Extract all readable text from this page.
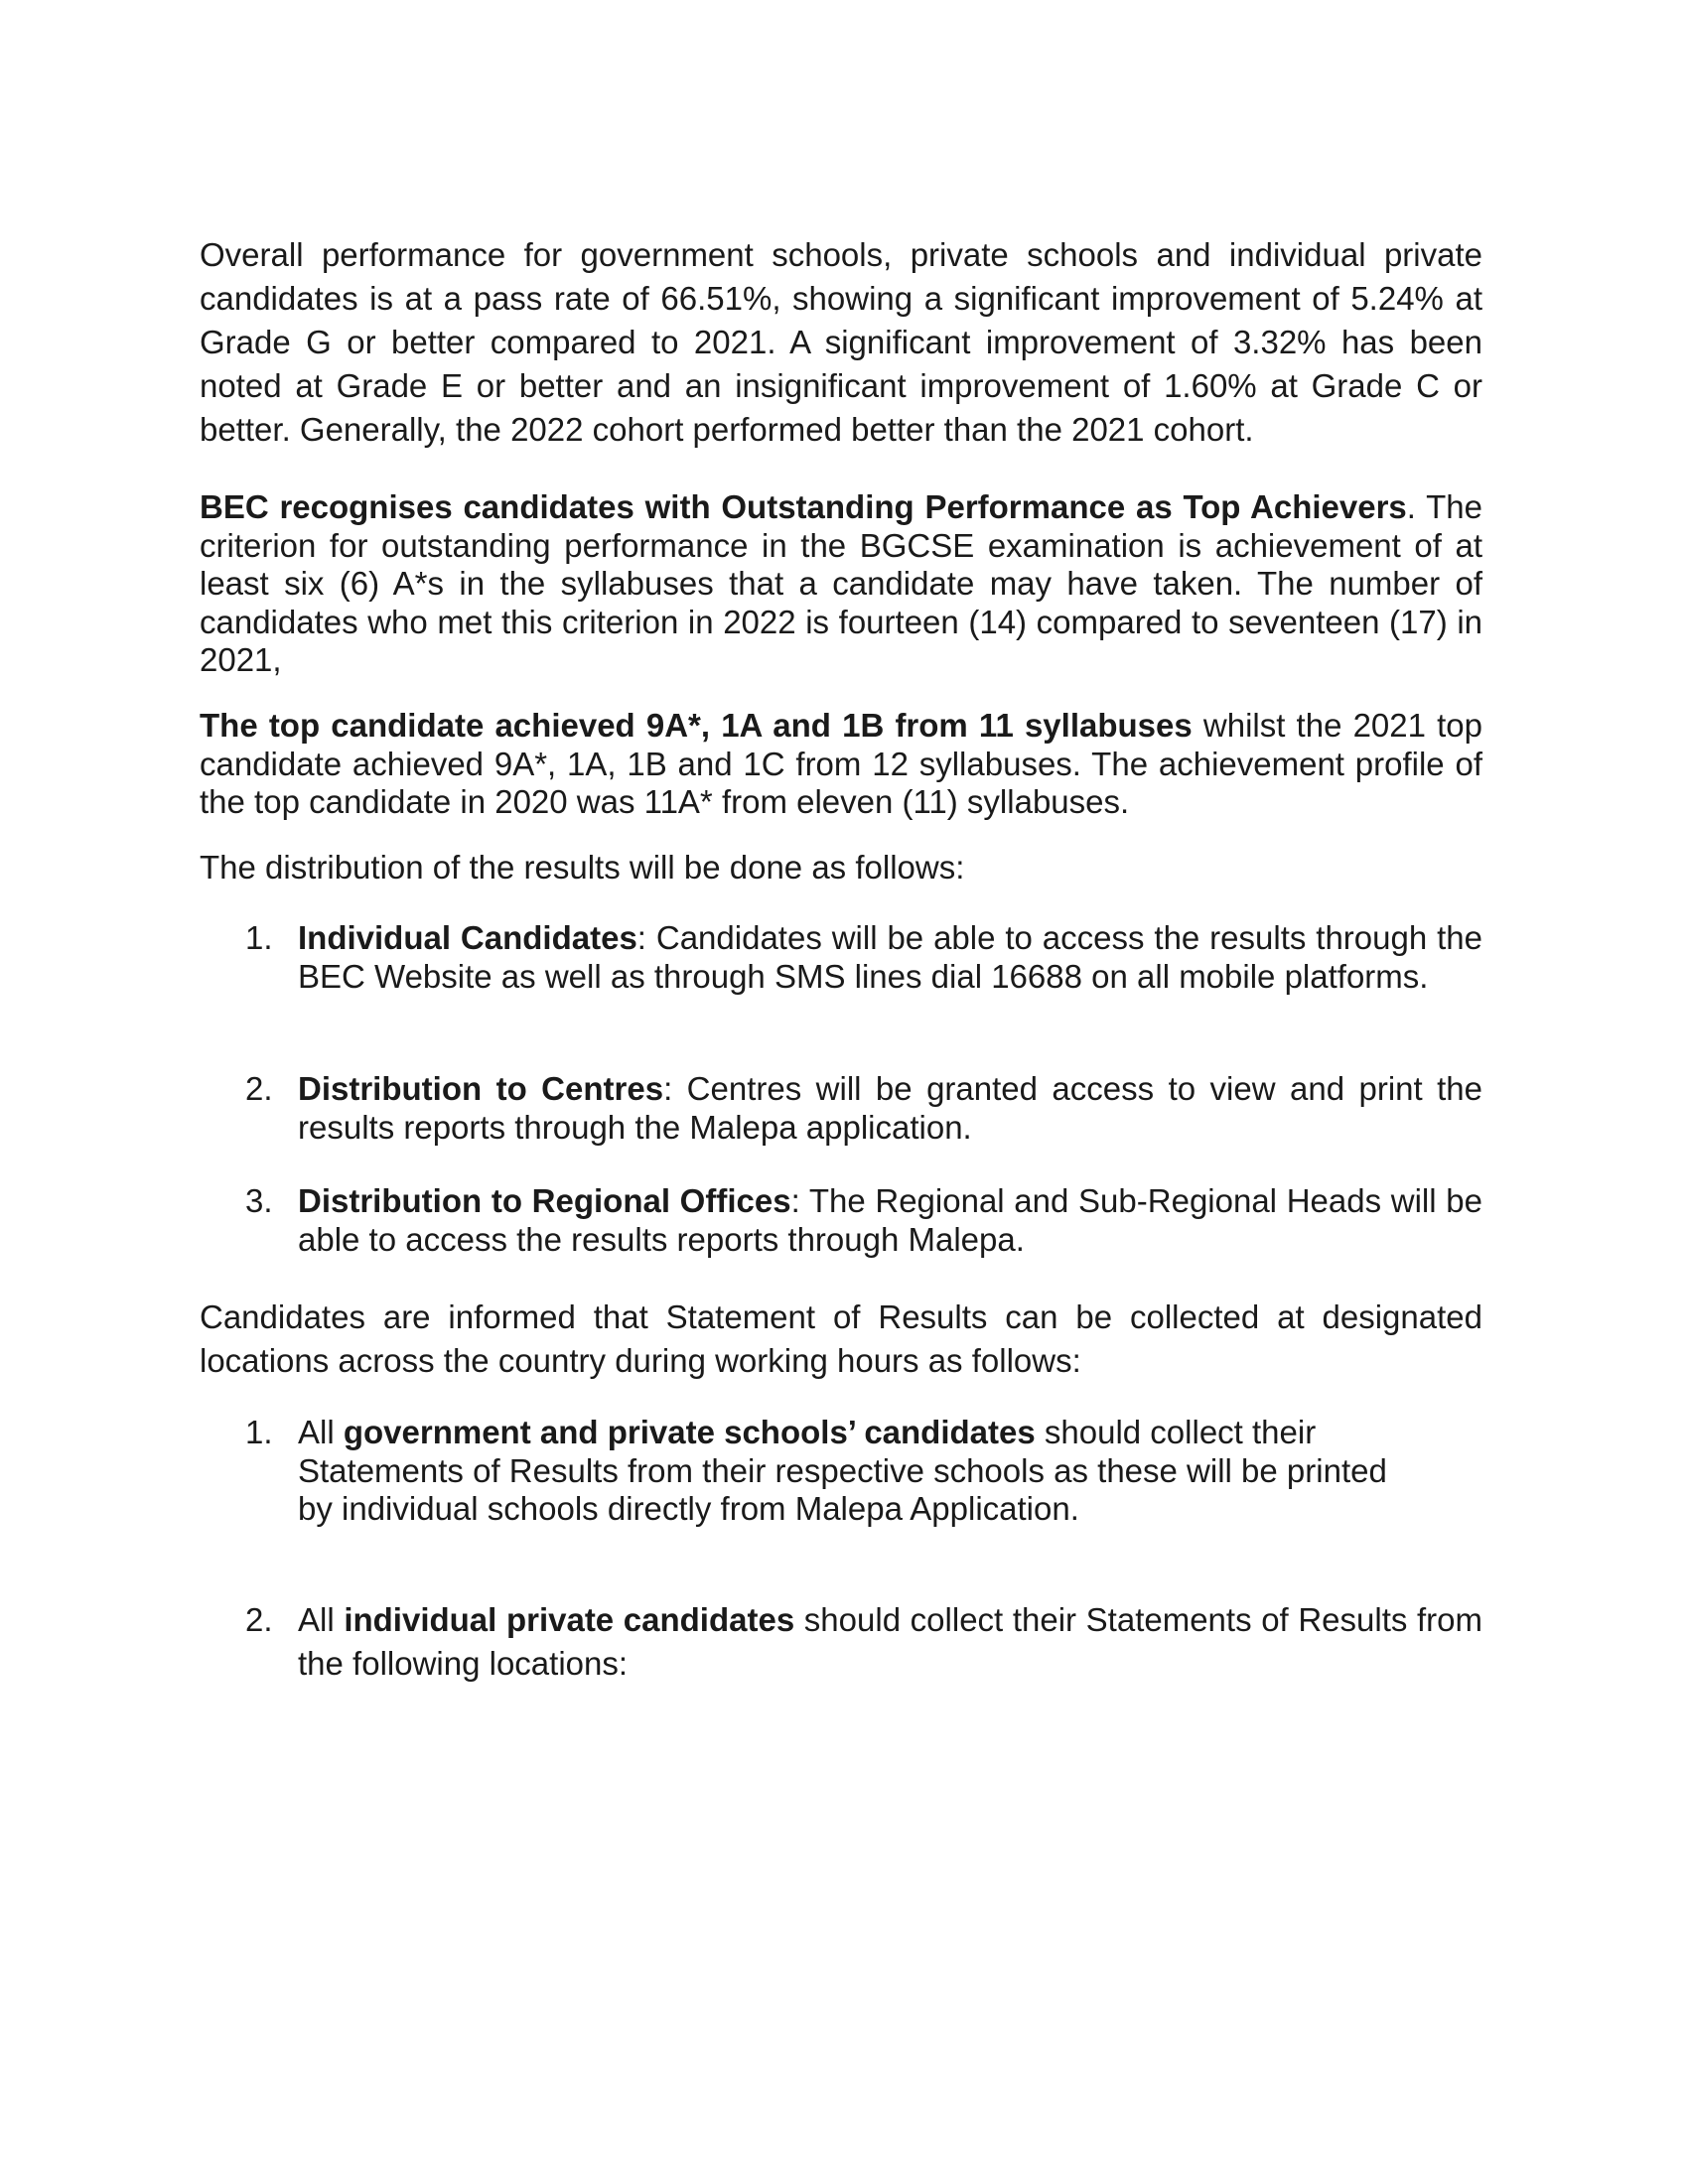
Overall performance for government schools, private schools and individual private candidates is at a pass rate of 66.51%, showing a significant improvement of 5.24% at Grade G or better compared to 2021. A significant improvement of 3.32% has been noted at Grade E or better and an insignificant improvement of 1.60% at Grade C or better. Generally, the 2022 cohort performed better than the 2021 cohort.

BEC recognises candidates with Outstanding Performance as Top Achievers. The criterion for outstanding performance in the BGCSE examination is achievement of at least six (6) A*s in the syllabuses that a candidate may have taken. The number of candidates who met this criterion in 2022 is fourteen (14) compared to seventeen (17) in 2021,

The top candidate achieved 9A*, 1A and 1B from 11 syllabuses whilst the 2021 top candidate achieved 9A*, 1A, 1B and 1C from 12 syllabuses. The achievement profile of the top candidate in 2020 was 11A* from eleven (11) syllabuses.

The distribution of the results will be done as follows:

1. Individual Candidates: Candidates will be able to access the results through the BEC Website as well as through SMS lines dial 16688 on all mobile platforms.
2. Distribution to Centres: Centres will be granted access to view and print the results reports through the Malepa application.
3. Distribution to Regional Offices: The Regional and Sub-Regional Heads will be able to access the results reports through Malepa.

Candidates are informed that Statement of Results can be collected at designated locations across the country during working hours as follows:

1. All government and private schools’ candidates should collect their Statements of Results from their respective schools as these will be printed by individual schools directly from Malepa Application.
2. All individual private candidates should collect their Statements of Results from the following locations:
